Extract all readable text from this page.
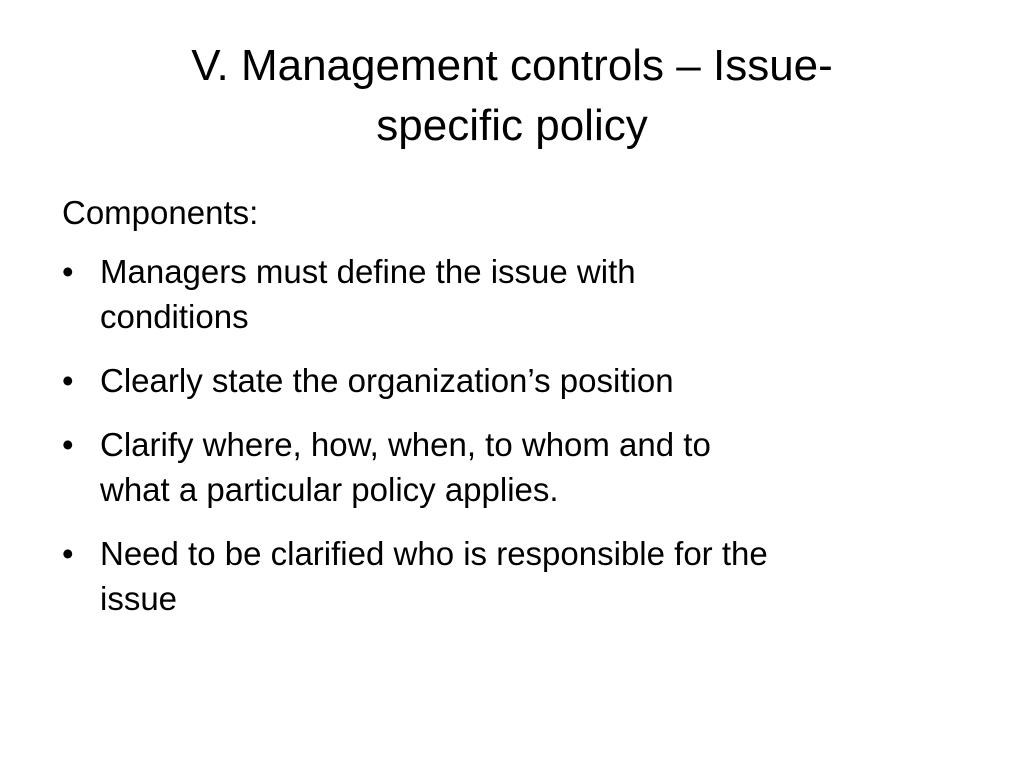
V. Management controls – Issue-
specific policy

Components:

• Managers must define the issue with
conditions
• Clearly state the organization’s position
• Clarify where, how, when, to whom and to
what a particular policy applies.
• Need to be clarified who is responsible for the
issue
